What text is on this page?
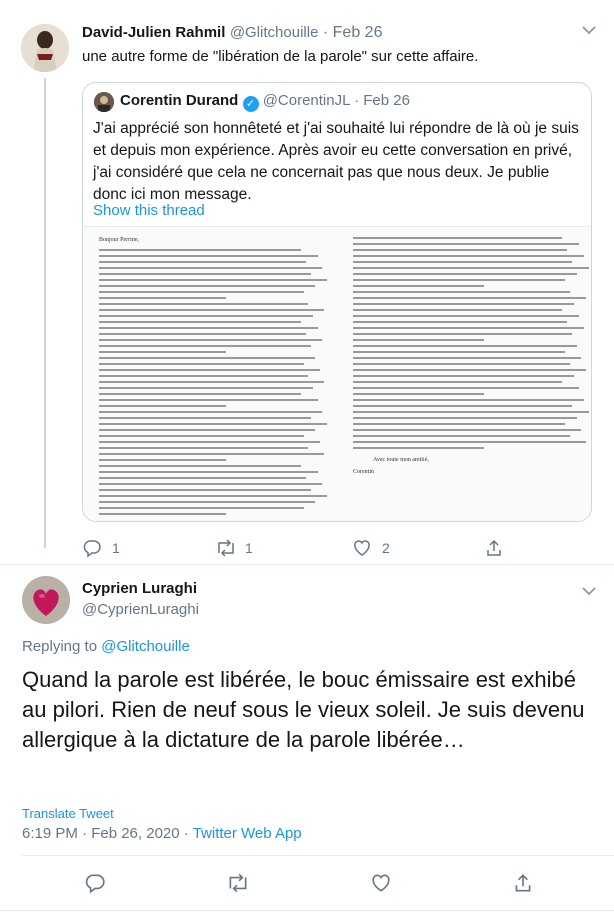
David-Julien Rahmil @Glitchouille · Feb 26
une autre forme de "libération de la parole" sur cette affaire.
Corentin Durand ✓ @CorentinJL · Feb 26
J'ai apprécié son honnêteté et j'ai souhaité lui répondre de là où je suis et depuis mon expérience. Après avoir eu cette conversation en privé, j'ai considéré que cela ne concernait pas que nous deux. Je publie donc ici mon message.
Show this thread
Bonjour Perrine,
Avec toute mon amitié,
Corentin
1	1	2
Cyprien Luraghi
@CyprienLuraghi
Replying to @Glitchouille
Quand la parole est libérée, le bouc émissaire est exhibé au pilori. Rien de neuf sous le vieux soleil. Je suis devenu allergique à la dictature de la parole libérée…
Translate Tweet
6:19 PM · Feb 26, 2020 · Twitter Web App
